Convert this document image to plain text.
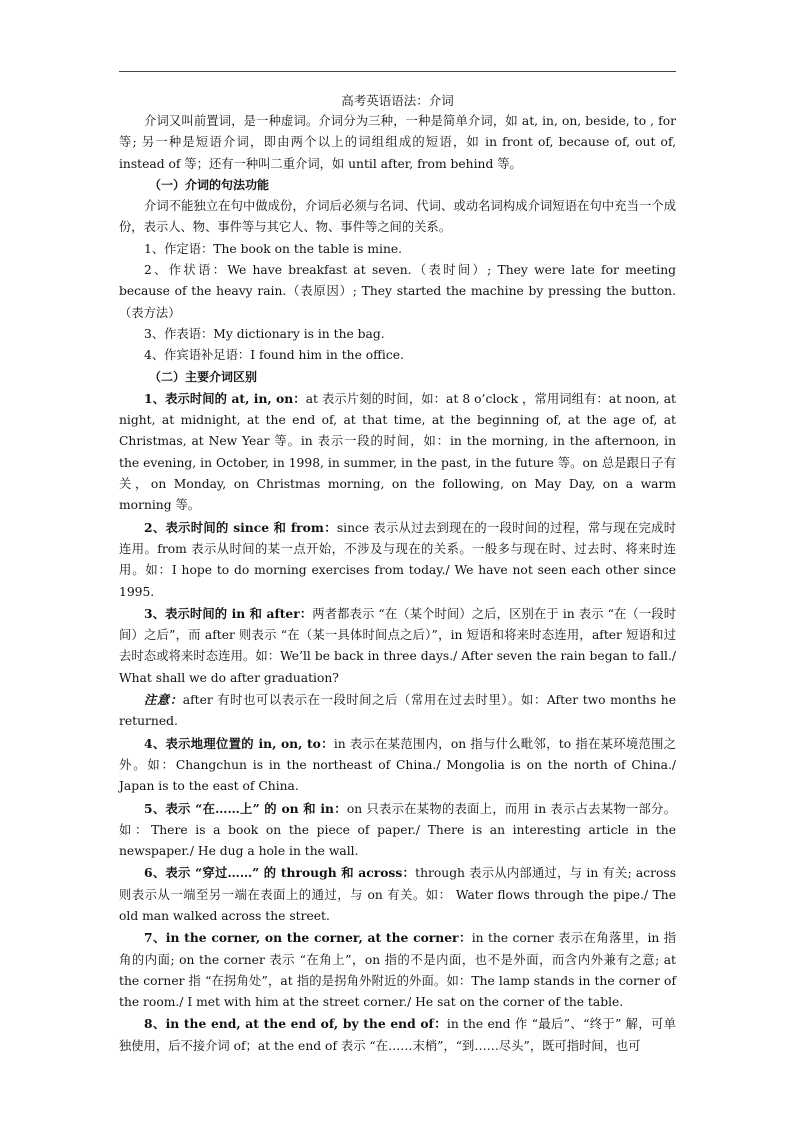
高考英语语法：介词

介词又叫前置词，是一种虚词。介词分为三种，一种是简单介词，如 at, in, on, beside, to , for 等; 另一种是短语介词，即由两个以上的词组组成的短语，如 in front of, because of, out of, instead of 等；还有一种叫二重介词，如 until after, from behind 等。

（一）介词的句法功能

介词不能独立在句中做成份，介词后必须与名词、代词、或动名词构成介词短语在句中充当一个成份，表示人、物、事件等与其它人、物、事件等之间的关系。

1、作定语：The book on the table is mine.

2、作状语：We have breakfast at seven.（表时间）; They were late for meeting because of the heavy rain.（表原因）; They started the machine by pressing the button.（表方法）

3、作表语：My dictionary is in the bag.

4、作宾语补足语：I found him in the office.

（二）主要介词区别

1、表示时间的 at, in, on：at 表示片刻的时间，如：at 8 o’clock ，常用词组有：at noon, at night, at midnight, at the end of, at that time, at the beginning of, at the age of, at Christmas, at New Year 等。in 表示一段的时间，如：in the morning, in the afternoon, in the evening, in October, in 1998, in summer, in the past, in the future 等。on 总是跟日子有关，on Monday, on Christmas morning, on the following, on May Day, on a warm morning 等。

2、表示时间的 since 和 from：since 表示从过去到现在的一段时间的过程，常与现在完成时连用。from 表示从时间的某一点开始，不涉及与现在的关系。一般多与现在时、过去时、将来时连用。如：I hope to do morning exercises from today./ We have not seen each other since 1995.

3、表示时间的 in 和 after：两者都表示 “在（某个时间）之后，区别在于 in 表示 “在（一段时间）之后”，而 after 则表示 “在（某一具体时间点之后）”，in 短语和将来时态连用，after 短语和过去时态或将来时态连用。如：We’ll be back in three days./ After seven the rain began to fall./ What shall we do after graduation?

注意：after 有时也可以表示在一段时间之后（常用在过去时里）。如：After two months he returned.

4、表示地理位置的 in, on, to：in 表示在某范围内，on 指与什么毗邻，to 指在某环境范围之外。如：Changchun is in the northeast of China./ Mongolia is on the north of China./ Japan is to the east of China.

5、表示 “在……上” 的 on 和 in：on 只表示在某物的表面上，而用 in 表示占去某物一部分。 如：There is a book on the piece of paper./ There is an interesting article in the newspaper./ He dug a hole in the wall.

6、表示 “穿过……” 的 through 和 across：through 表示从内部通过，与 in 有关; across 则表示从一端至另一端在表面上的通过，与 on 有关。如： Water flows through the pipe./ The old man walked across the street.

7、in the corner, on the corner, at the corner：in the corner 表示在角落里，in 指角的内面; on the corner 表示 “在角上”，on 指的不是内面，也不是外面，而含内外兼有之意; at the corner 指 “在拐角处”，at 指的是拐角外附近的外面。如：The lamp stands in the corner of the room./ I met with him at the street corner./ He sat on the corner of the table.

8、in the end, at the end of, by the end of：in the end 作 “最后”、“终于” 解，可单独使用，后不接介词 of；at the end of 表示 “在……末梢”，“到……尽头”，既可指时间，也可
